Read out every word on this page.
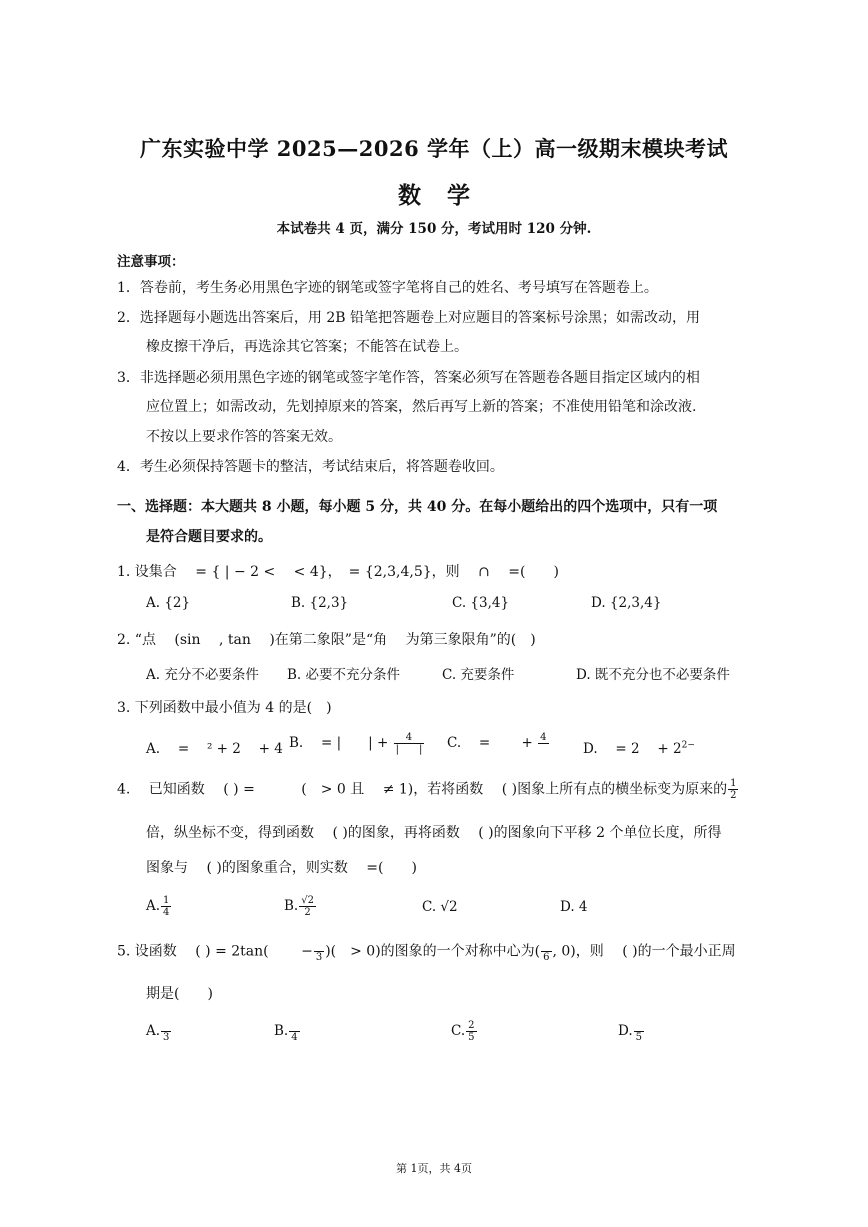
广东实验中学 2025—2026 学年（上）高一级期末模块考试
数学
本试卷共 4 页，满分 150 分，考试用时 120 分钟.
注意事项：
1．答卷前，考生务必用黑色字迹的钢笔或签字笔将自己的姓名、考号填写在答题卷上。
2．选择题每小题选出答案后，用 2B 铅笔把答题卷上对应题目的答案标号涂黑；如需改动，用
橡皮擦干净后，再选涂其它答案；不能答在试卷上。
3．非选择题必须用黑色字迹的钢笔或签字笔作答，答案必须写在答题卷各题目指定区域内的相
应位置上；如需改动，先划掉原来的答案，然后再写上新的答案；不准使用铅笔和涂改液.
不按以上要求作答的答案无效。
4．考生必须保持答题卡的整洁，考试结束后，将答题卷收回。
一、选择题：本大题共 8 小题，每小题 5 分，共 40 分。在每小题给出的四个选项中，只有一项
是符合题目要求的。
1. 设集合 　= { | − 2 < 　< 4}，　= {2,3,4,5}，则 　∩　 =(　　)
A. {2}	B. {2,3}	C. {3,4}	D. {2,3,4}
2. “点 　(sin 　, tan 　)在第二象限”是“角 　为第三象限角”的(　)
A. 充分不必要条件 B. 必要不充分条件	C. 充要条件	D. 既不充分也不必要条件
3. 下列函数中最小值为 4 的是(　)
A. 　= 　² + 2 　+ 4 B. 　= |　　| + $\frac{4}{| |} C$. 　= 　　+ 4
D. 　= 2 　+ $2^{2-}$
4. 　已知函数 　( ) = 　　　(　> 0 且 　≠ 1)，若将函数 　( )图象上所有点的横坐标变为原来的 $\frac{1}{2}$
倍，纵坐标不变，得到函数 　( )的图象，再将函数 　( )的图象向下平移 2 个单位长度，所得
图象与 　( )的图象重合，则实数 　=(　　)
A. $\frac{1}{4}$	B. $\frac{√2}{2}$	C. √2	D. 4
5. 设函数 　( ) = 2tan(　　 −
3 )(　> 0)的图象的一个对称中心为(
6 , 0)，则 　( )的一个最小正周
期是(　　)
A.
3	B.
4	C. $\frac{2}{5}$	D.
5
第 1页，共 4页
